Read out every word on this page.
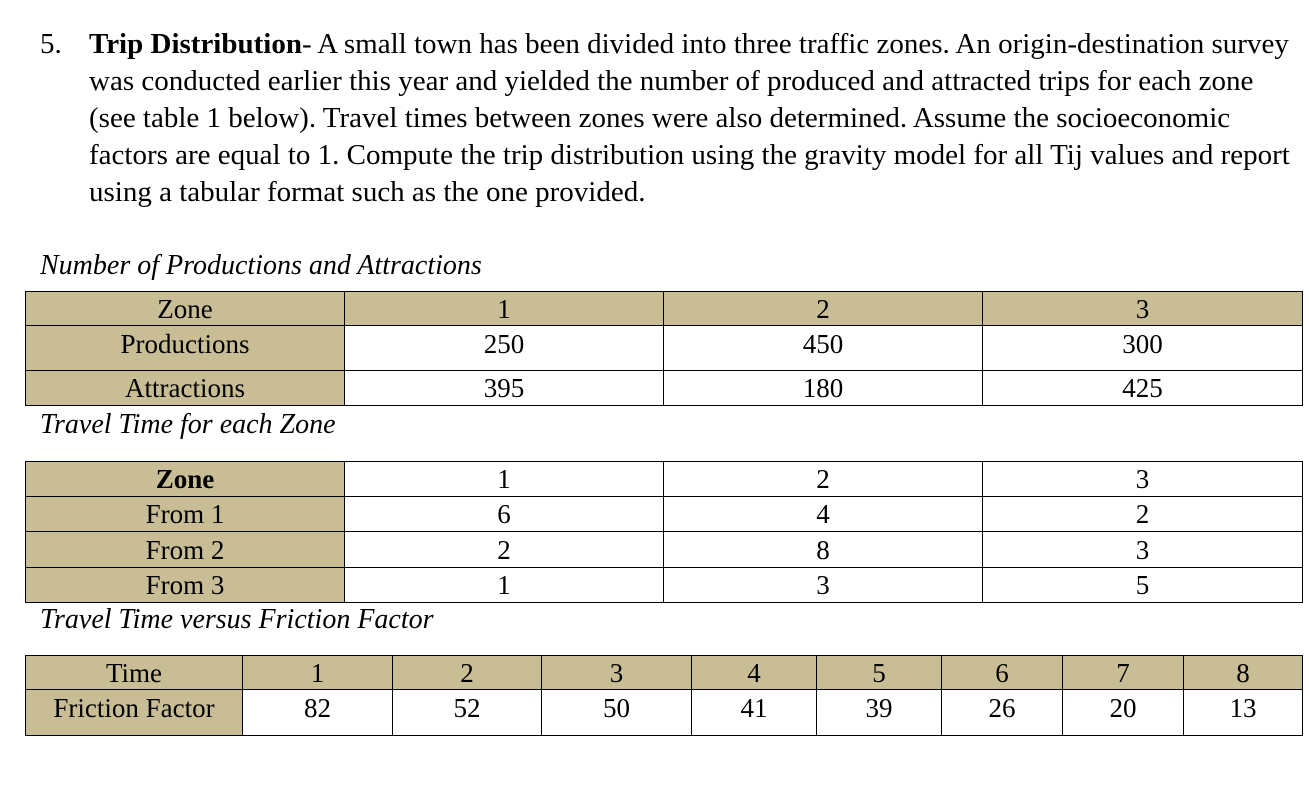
5. Trip Distribution- A small town has been divided into three traffic zones. An origin-destination survey was conducted earlier this year and yielded the number of produced and attracted trips for each zone (see table 1 below). Travel times between zones were also determined. Assume the socioeconomic factors are equal to 1. Compute the trip distribution using the gravity model for all Tij values and report using a tabular format such as the one provided.
Number of Productions and Attractions
Zone	1	2	3
Productions	250	450	300
Attractions	395	180	425
Travel Time for each Zone
Zone	1	2	3
From 1	6	4	2
From 2	2	8	3
From 3	1	3	5
Travel Time versus Friction Factor
Time	1	2	3	4	5	6	7	8
Friction Factor	82	52	50	41	39	26	20	13
